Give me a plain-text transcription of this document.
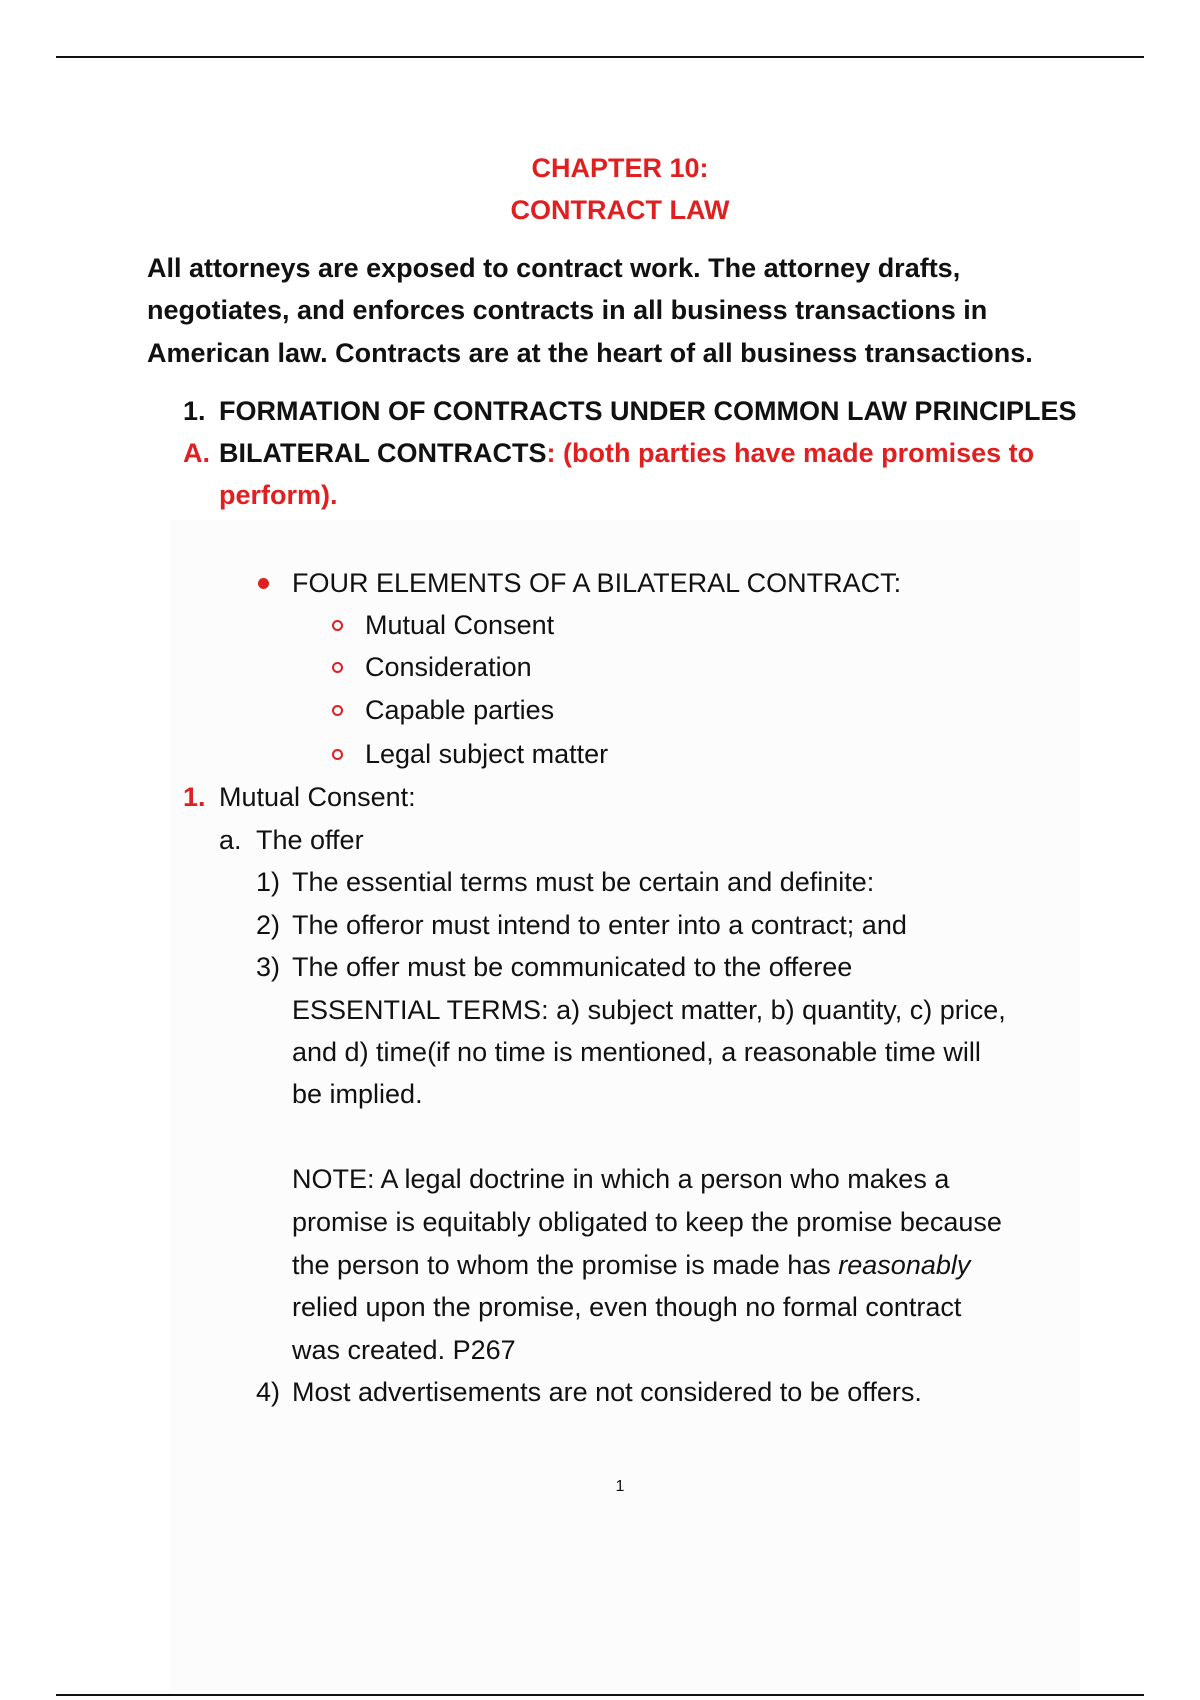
CHAPTER 10:
CONTRACT LAW
All attorneys are exposed to contract work. The attorney drafts,
negotiates, and enforces contracts in all business transactions in
American law. Contracts are at the heart of all business transactions.
1. FORMATION OF CONTRACTS UNDER COMMON LAW PRINCIPLES
A. BILATERAL CONTRACTS: (both parties have made promises to
perform).
FOUR ELEMENTS OF A BILATERAL CONTRACT:
Mutual Consent
Consideration
Capable parties
Legal subject matter
1. Mutual Consent:
a. The offer
1) The essential terms must be certain and definite:
2) The offeror must intend to enter into a contract; and
3) The offer must be communicated to the offeree
ESSENTIAL TERMS: a) subject matter, b) quantity, c) price,
and d) time(if no time is mentioned, a reasonable time will
be implied.
NOTE: A legal doctrine in which a person who makes a
promise is equitably obligated to keep the promise because
the person to whom the promise is made has reasonably
relied upon the promise, even though no formal contract
was created. P267
4) Most advertisements are not considered to be offers.
1
